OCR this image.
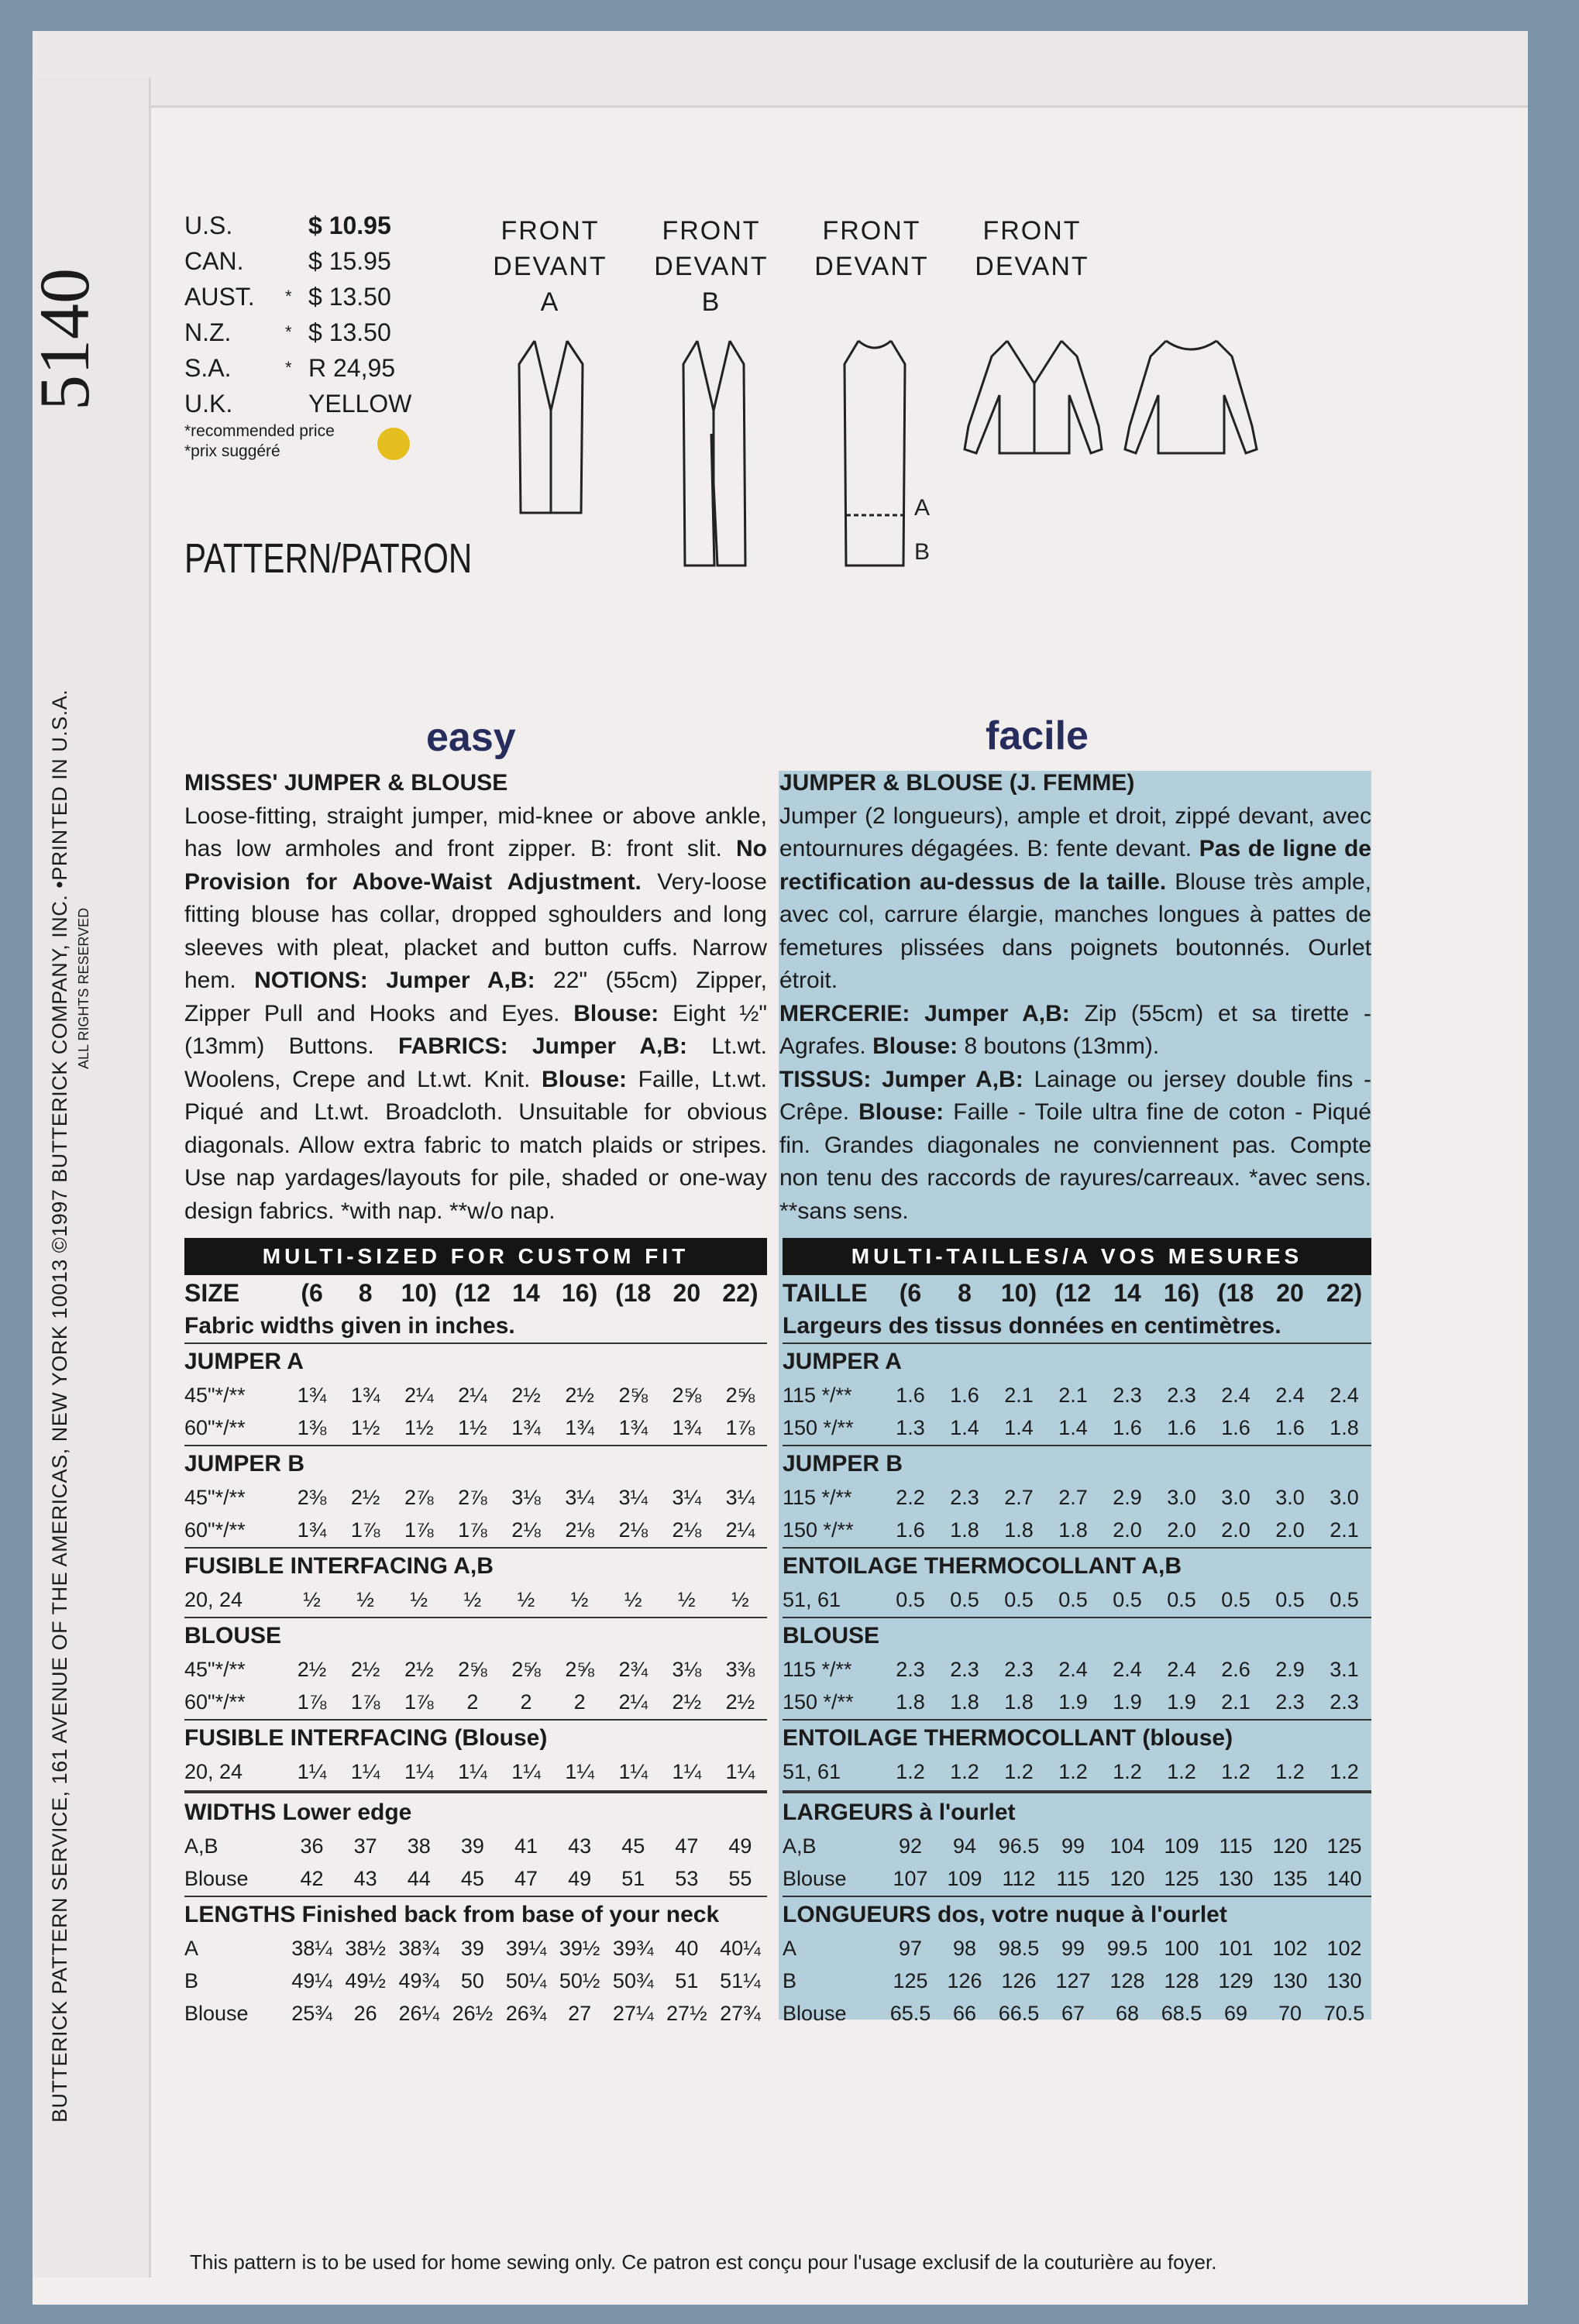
5140
BUTTERICK PATTERN SERVICE, 161 AVENUE OF THE AMERICAS, NEW YORK 10013 ©1997 BUTTERICK COMPANY, INC. •PRINTED IN U.S.A. ALL RIGHTS RESERVED
U.S.	$ 10.95
CAN.	$ 15.95
AUST.	* $ 13.50
N.Z.	* $ 13.50
S.A.	* R 24,95
U.K.	YELLOW
*recommended price
*prix suggéré
PATTERN/PATRON
FRONT
DEVANT
A
FRONT
DEVANT
B
FRONT
DEVANT
FRONT
DEVANT
A
B
easy	facile
MISSES' JUMPER & BLOUSE
Loose-fitting, straight jumper, mid-knee or above ankle, has low armholes and front zipper. B: front slit. No Provision for Above-Waist Adjustment. Very-loose fitting blouse has collar, dropped sghoulders and long sleeves with pleat, placket and button cuffs. Narrow hem. NOTIONS: Jumper A,B: 22" (55cm) Zipper, Zipper Pull and Hooks and Eyes. Blouse: Eight ½" (13mm) Buttons. FABRICS: Jumper A,B: Lt.wt. Woolens, Crepe and Lt.wt. Knit. Blouse: Faille, Lt.wt. Piqué and Lt.wt. Broadcloth. Unsuitable for obvious diagonals. Allow extra fabric to match plaids or stripes. Use nap yardages/layouts for pile, shaded or one-way design fabrics. *with nap. **w/o nap.
JUMPER & BLOUSE (J. FEMME)
Jumper (2 longueurs), ample et droit, zippé devant, avec entournures dégagées. B: fente devant. Pas de ligne de rectification au-dessus de la taille. Blouse très ample, avec col, carrure élargie, manches longues à pattes de femetures plissées dans poignets boutonnés. Ourlet étroit.
MERCERIE: Jumper A,B: Zip (55cm) et sa tirette - Agrafes. Blouse: 8 boutons (13mm).
TISSUS: Jumper A,B: Lainage ou jersey double fins - Crêpe. Blouse: Faille - Toile ultra fine de coton - Piqué fin. Grandes diagonales ne conviennent pas. Compte non tenu des raccords de rayures/carreaux. *avec sens. **sans sens.
MULTI-SIZED FOR CUSTOM FIT
SIZE	(6	8	10) (12 14 16) (18 20 22)
Fabric widths given in inches.
JUMPER A
45"*/**	1¾	1¾	2¼	2¼	2½	2½	2⅝	2⅝	2⅝
60"*/**	1⅜	1½	1½	1½	1¾	1¾	1¾	1¾	1⅞
JUMPER B
45"*/**	2⅜	2½	2⅞	2⅞	3⅛	3¼	3¼	3¼	3¼
60"*/**	1¾	1⅞	1⅞	1⅞	2⅛	2⅛	2⅛	2⅛	2¼
FUSIBLE INTERFACING A,B
20, 24	½	½	½	½	½	½	½	½	½
BLOUSE
45"*/**	2½	2½	2½	2⅝	2⅝	2⅝	2¾	3⅛	3⅜
60"*/**	1⅞	1⅞	1⅞	2	2	2	2¼	2½	2½
FUSIBLE INTERFACING (Blouse)
20, 24	1¼	1¼	1¼	1¼	1¼	1¼	1¼	1¼	1¼
WIDTHS Lower edge
A,B	36	37	38	39	41	43	45	47	49
Blouse	42	43	44	45	47	49	51	53	55
LENGTHS Finished back from base of your neck
A	38¼ 38½ 38¾	39	39¼ 39½ 39¾	40	40¼
B	49¼ 49½ 49¾	50	50¼ 50½ 50¾	51	51¼
Blouse	25¾	26	26¼ 26½ 26¾	27	27¼ 27½ 27¾
MULTI-TAILLES/A VOS MESURES
TAILLE	(6	8	10) (12 14 16) (18 20 22)
Largeurs des tissus données en centimètres.
JUMPER A
115 */**	1.6	1.6	2.1	2.1	2.3	2.3	2.4	2.4	2.4
150 */**	1.3	1.4	1.4	1.4	1.6	1.6	1.6	1.6	1.8
JUMPER B
115 */**	2.2	2.3	2.7	2.7	2.9	3.0	3.0	3.0	3.0
150 */**	1.6	1.8	1.8	1.8	2.0	2.0	2.0	2.0	2.1
ENTOILAGE THERMOCOLLANT A,B
51, 61	0.5	0.5	0.5	0.5	0.5	0.5	0.5	0.5	0.5
BLOUSE
115 */**	2.3	2.3	2.3	2.4	2.4	2.4	2.6	2.9	3.1
150 */**	1.8	1.8	1.8	1.9	1.9	1.9	2.1	2.3	2.3
ENTOILAGE THERMOCOLLANT (blouse)
51, 61	1.2	1.2	1.2	1.2	1.2	1.2	1.2	1.2	1.2
LARGEURS à l'ourlet
A,B	92	94	96.5	99	104 109 115 120 125
Blouse	107 109 112 115 120 125 130 135 140
LONGUEURS dos, votre nuque à l'ourlet
A	97	98	98.5	99	99.5 100 101 102 102
B	125 126 126 127 128 128 129 130 130
Blouse	65.5	66	66.5	67	68	68.5	69	70	70.5
This pattern is to be used for home sewing only. Ce patron est conçu pour l'usage exclusif de la couturière au foyer.
